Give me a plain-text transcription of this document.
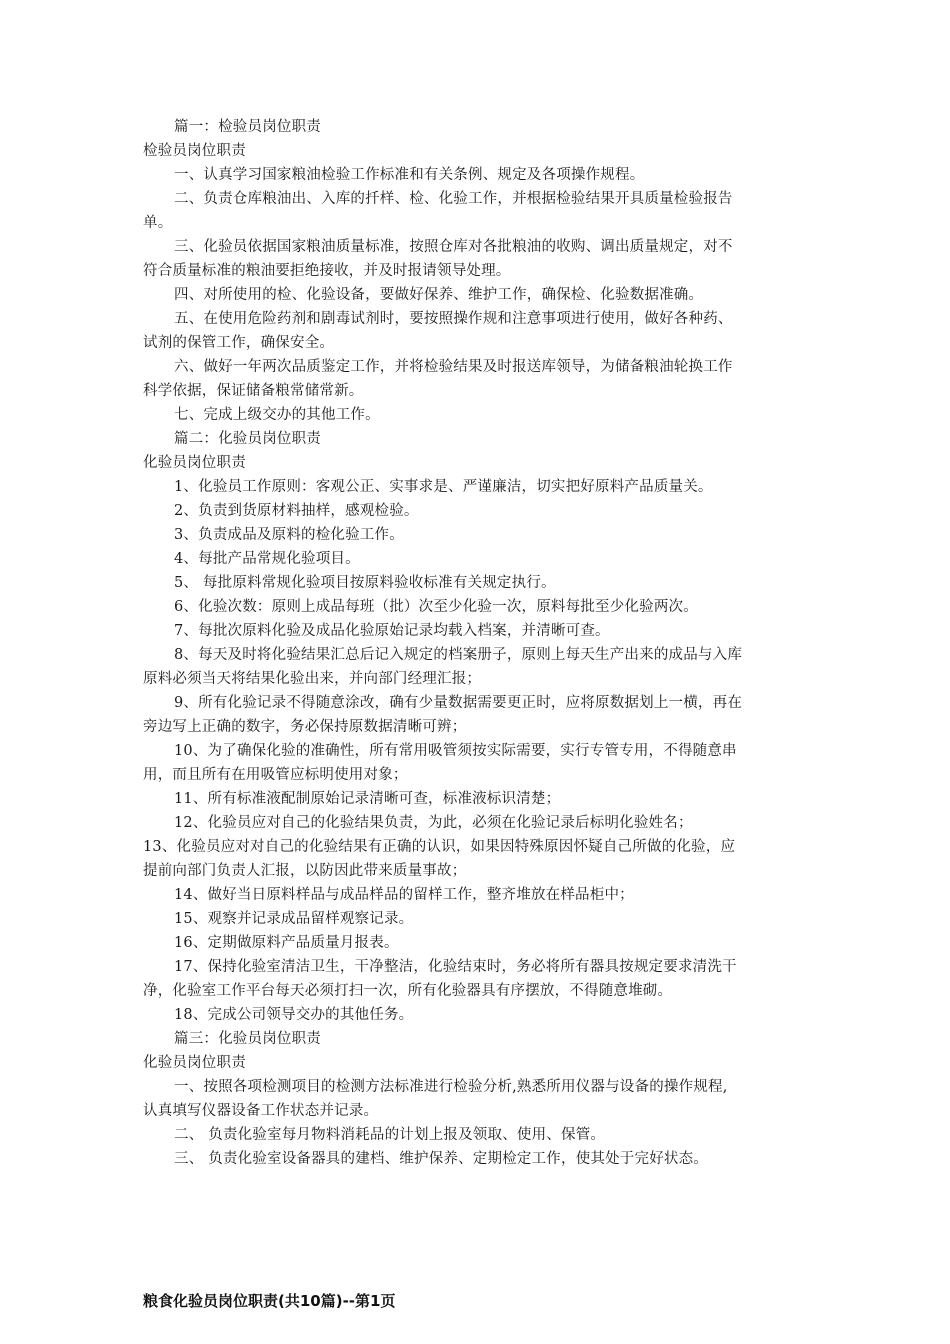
篇一：检验员岗位职责
检验员岗位职责
一、认真学习国家粮油检验工作标准和有关条例、规定及各项操作规程。
二、负责仓库粮油出、入库的扦样、检、化验工作，并根据检验结果开具质量检验报告
单。
三、化验员依据国家粮油质量标准，按照仓库对各批粮油的收购、调出质量规定，对不
符合质量标准的粮油要拒绝接收，并及时报请领导处理。
四、对所使用的检、化验设备，要做好保养、维护工作，确保检、化验数据准确。
五、在使用危险药剂和剧毒试剂时，要按照操作规和注意事项进行使用，做好各种药、
试剂的保管工作，确保安全。
六、做好一年两次品质鉴定工作，并将检验结果及时报送库领导，为储备粮油轮换工作
科学依据，保证储备粮常储常新。
七、完成上级交办的其他工作。
篇二：化验员岗位职责
化验员岗位职责
1、化验员工作原则：客观公正、实事求是、严谨廉洁，切实把好原料产品质量关。
2、负责到货原材料抽样，感观检验。
3、负责成品及原料的检化验工作。
4、每批产品常规化验项目。
5、 每批原料常规化验项目按原料验收标准有关规定执行。
6、化验次数：原则上成品每班（批）次至少化验一次，原料每批至少化验两次。
7、每批次原料化验及成品化验原始记录均载入档案，并清晰可查。
8、每天及时将化验结果汇总后记入规定的档案册子，原则上每天生产出来的成品与入库
原料必须当天将结果化验出来，并向部门经理汇报；
9、所有化验记录不得随意涂改，确有少量数据需要更正时，应将原数据划上一横，再在
旁边写上正确的数字，务必保持原数据清晰可辨；
10、为了确保化验的准确性，所有常用吸管须按实际需要，实行专管专用，不得随意串
用，而且所有在用吸管应标明使用对象；
11、所有标准液配制原始记录清晰可查，标准液标识清楚；
12、化验员应对自己的化验结果负责，为此，必须在化验记录后标明化验姓名；
13、化验员应对对自己的化验结果有正确的认识，如果因特殊原因怀疑自己所做的化验，应
提前向部门负责人汇报，以防因此带来质量事故；
14、做好当日原料样品与成品样品的留样工作，整齐堆放在样品柜中；
15、观察并记录成品留样观察记录。
16、定期做原料产品质量月报表。
17、保持化验室清洁卫生，干净整洁，化验结束时，务必将所有器具按规定要求清洗干
净，化验室工作平台每天必须打扫一次，所有化验器具有序摆放，不得随意堆砌。
18、完成公司领导交办的其他任务。
篇三：化验员岗位职责
化验员岗位职责
一、按照各项检测项目的检测方法标准进行检验分析,熟悉所用仪器与设备的操作规程,
认真填写仪器设备工作状态并记录。
二、 负责化验室每月物料消耗品的计划上报及领取、使用、保管。
三、 负责化验室设备器具的建档、维护保养、定期检定工作，使其处于完好状态。
粮食化验员岗位职责(共10篇)--第1页
